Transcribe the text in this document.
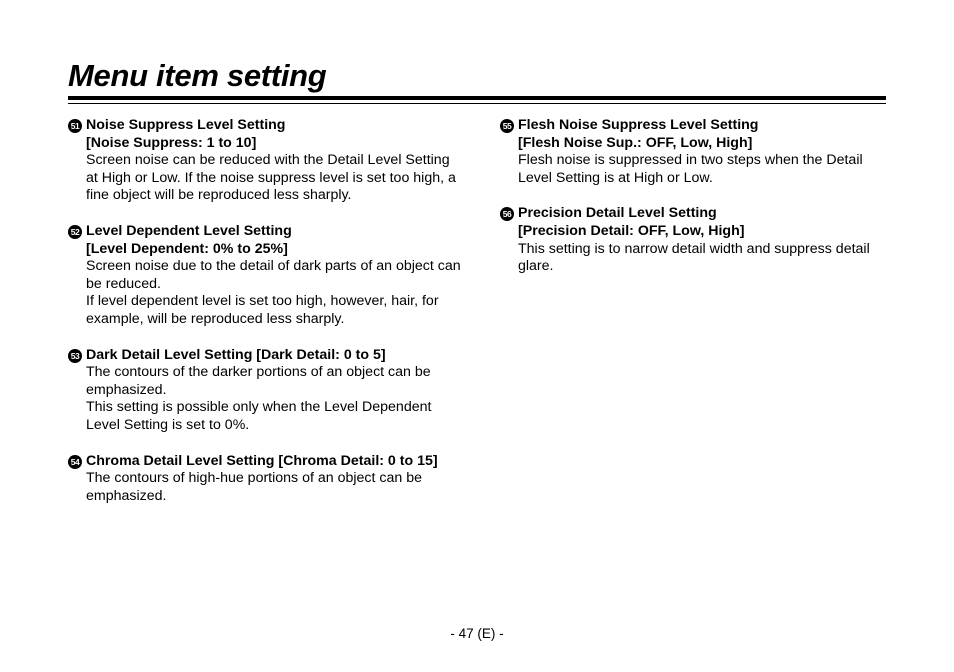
Menu item setting
51 Noise Suppress Level Setting
[Noise Suppress: 1 to 10]
Screen noise can be reduced with the Detail Level Setting at High or Low. If the noise suppress level is set too high, a fine object will be reproduced less sharply.
52 Level Dependent Level Setting
[Level Dependent: 0% to 25%]
Screen noise due to the detail of dark parts of an object can be reduced.
If level dependent level is set too high, however, hair, for example, will be reproduced less sharply.
53 Dark Detail Level Setting [Dark Detail: 0 to 5]
The contours of the darker portions of an object can be emphasized.
This setting is possible only when the Level Dependent Level Setting is set to 0%.
54 Chroma Detail Level Setting [Chroma Detail: 0 to 15]
The contours of high-hue portions of an object can be emphasized.
55 Flesh Noise Suppress Level Setting
[Flesh Noise Sup.: OFF, Low, High]
Flesh noise is suppressed in two steps when the Detail Level Setting is at High or Low.
56 Precision Detail Level Setting
[Precision Detail: OFF, Low, High]
This setting is to narrow detail width and suppress detail glare.
- 47 (E) -
